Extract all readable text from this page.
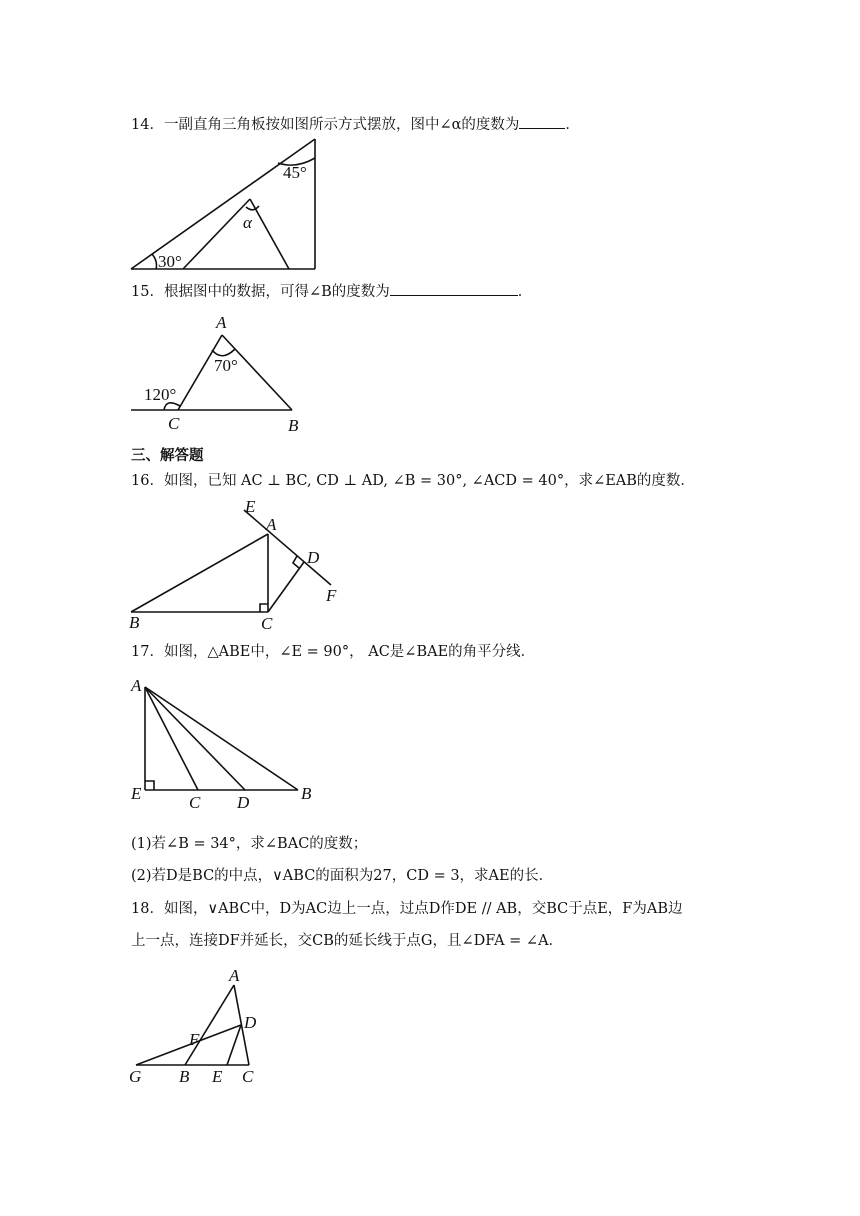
14．一副直角三角板按如图所示方式摆放，图中∠α的度数为	．
45°
α
30°
15．根据图中的数据，可得∠B的度数为	．
A
70°
120°
C	B
三、解答题
16．如图，已知 AC ⊥ BC, CD ⊥ AD, ∠B = 30°, ∠ACD = 40°，求∠EAB的度数．
E
A
D
F
B	C
17．如图，△ABE中，∠E = 90°， AC是∠BAE的角平分线．
A
E	C D	B
(1)若∠B = 34°，求∠BAC的度数；
(2)若D是BC的中点，∨ABC的面积为27，CD = 3，求AE的长．
18．如图，∨ABC中，D为AC边上一点，过点D作DE // AB，交BC于点E，F为AB边
上一点，连接DF并延长，交CB的延长线于点G，且∠DFA = ∠A．
A
D
F
G B E C
